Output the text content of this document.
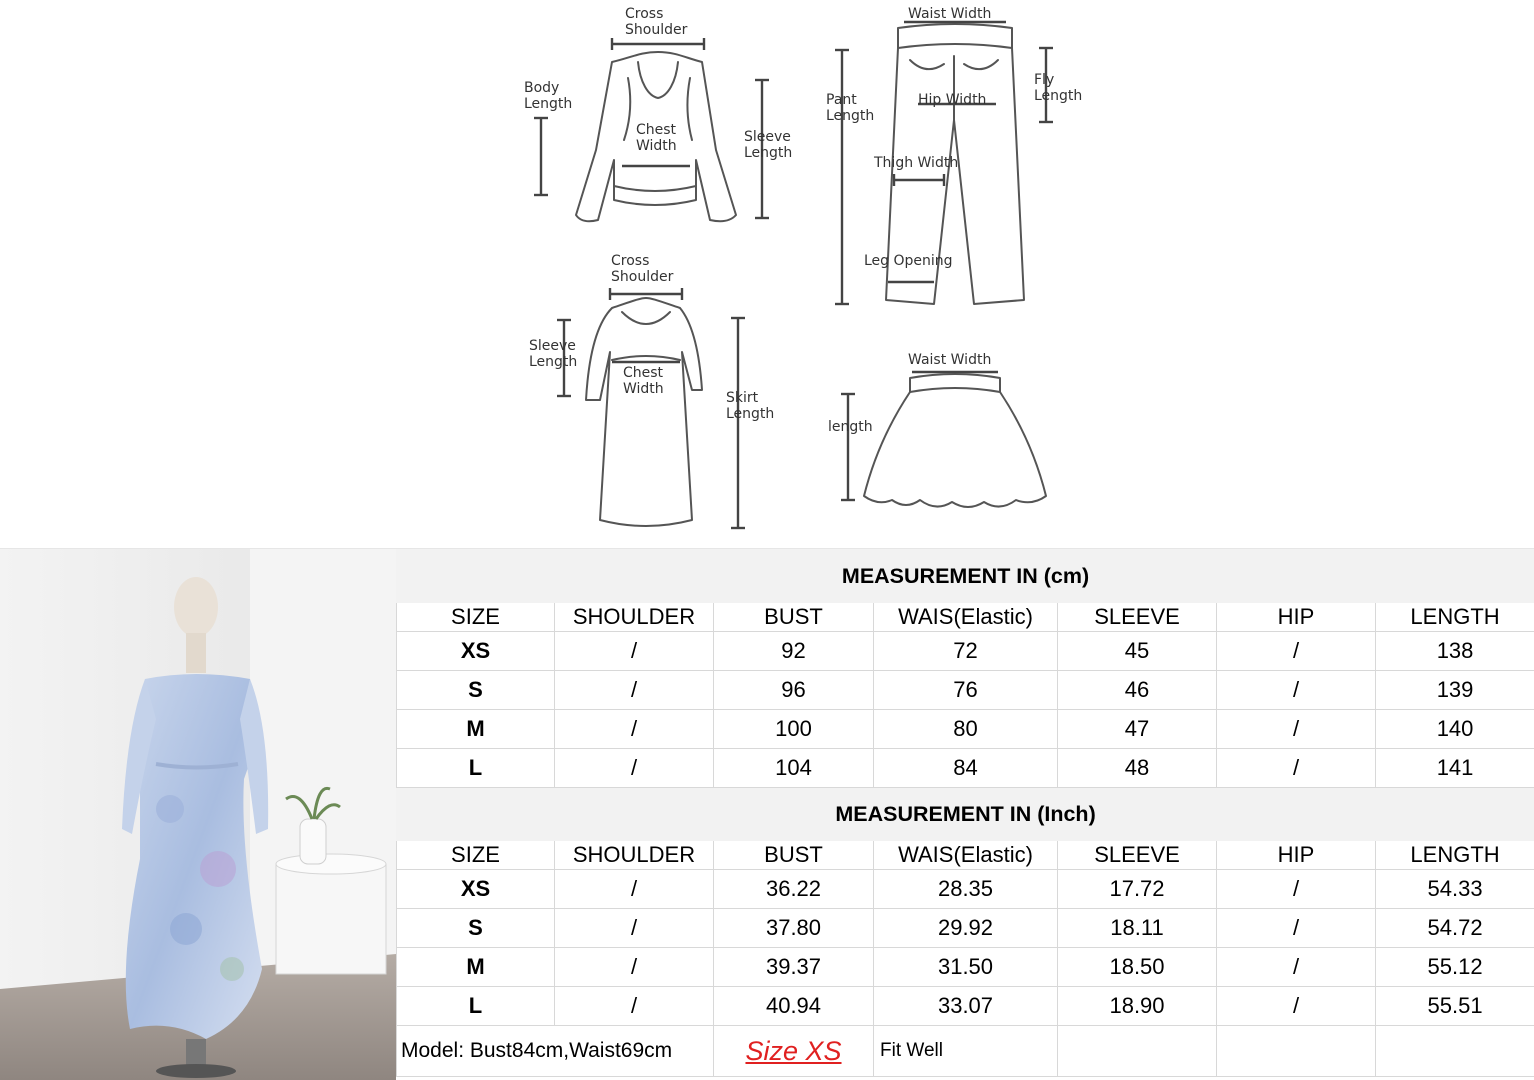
Cross
Shoulder
Body
Length
Chest
Width
Sleeve
Length
Waist Width
Pant
Length
Hip Width
Fly
Length
Thigh Width
Leg Opening
Cross
Shoulder
Sleeve
Length
Chest
Width
Skirt
Length
Waist Width
length
MEASUREMENT IN (cm)						
SIZE	SHOULDER	BUST	WAIS(Elastic)	SLEEVE	HIP	LENGTH
XS	/	92	72	45	/	138
S	/	96	76	46	/	139
M	/	100	80	47	/	140
L	/	104	84	48	/	141
MEASUREMENT IN (Inch)						
SIZE	SHOULDER	BUST	WAIS(Elastic)	SLEEVE	HIP	LENGTH
XS	/	36.22	28.35	17.72	/	54.33
S	/	37.80	29.92	18.11	/	54.72
M	/	39.37	31.50	18.50	/	55.12
L	/	40.94	33.07	18.90	/	55.51
Model: Bust84cm,Waist69cm		Size XS	Fit Well			
